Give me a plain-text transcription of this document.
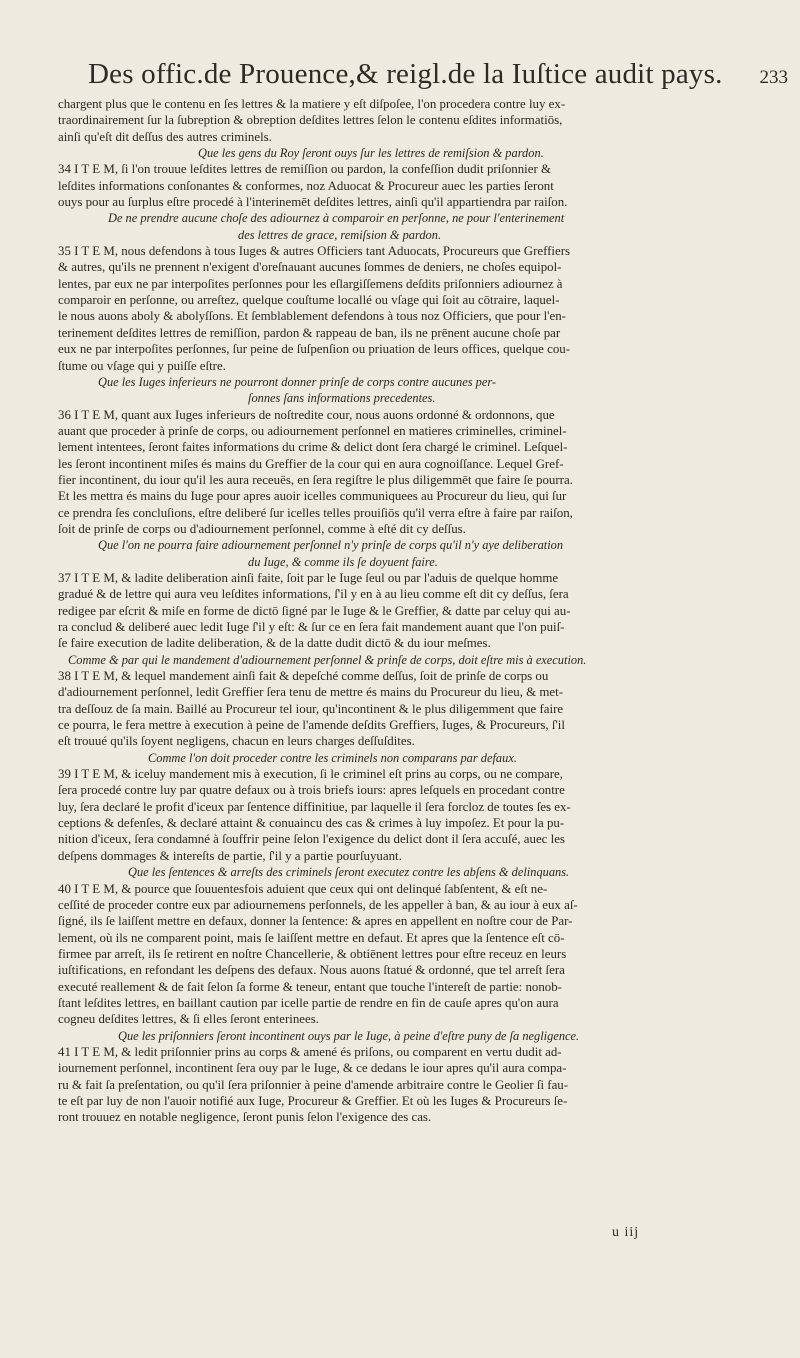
Des offic.de Prouence,& reigl.de la Iuſtice audit pays. 233
chargent plus que le contenu en ſes lettres & la matiere y eſt diſpoſee, l'on procedera contre luy ex-
traordinairement ſur la ſubreption & obreption deſdites lettres ſelon le contenu eſdites informatiōs,
ainſi qu'eſt dit deſſus des autres criminels.
Que les gens du Roy ſeront ouys ſur les lettres de remiſsion & pardon.
34 I T E M, ſi l'on trouue leſdites lettres de remiſſion ou pardon, la confeſſion dudit priſonnier &
leſdites informations conſonantes & conformes, noz Aduocat & Procureur auec les parties ſeront
ouys pour au ſurplus eſtre procedé à l'interinemēt deſdites lettres, ainſi qu'il appartiendra par raiſon.
De ne prendre aucune choſe des adiournez à comparoir en perſonne, ne pour l'enterinement
des lettres de grace, remiſsion & pardon.
35 I T E M, nous defendons à tous Iuges & autres Officiers tant Aduocats, Procureurs que Greffiers
& autres, qu'ils ne prennent n'exigent d'oreſnauant aucunes ſommes de deniers, ne choſes equipol-
lentes, par eux ne par interpoſites perſonnes pour les eſlargiſſemens deſdits priſonniers adiournez à
comparoir en perſonne, ou arreſtez, quelque couſtume locallé ou vſage qui ſoit au cōtraire, laquel-
le nous auons aboly & abolyſſons. Et ſemblablement defendons à tous noz Officiers, que pour l'en-
terinement deſdites lettres de remiſſion, pardon & rappeau de ban, ils ne prēnent aucune choſe par
eux ne par interpoſites perſonnes, ſur peine de ſuſpenſion ou priuation de leurs offices, quelque cou-
ſtume ou vſage qui y puiſſe eſtre.
Que les Iuges inferieurs ne pourront donner prinſe de corps contre aucunes per-
ſonnes ſans informations precedentes.
36 I T E M, quant aux Iuges inferieurs de noſtredite cour, nous auons ordonné & ordonnons, que
auant que proceder à prinſe de corps, ou adiournement perſonnel en matieres criminelles, criminel-
lement intentees, ſeront faites informations du crime & delict dont ſera chargé le criminel. Leſquel-
les ſeront incontinent miſes és mains du Greffier de la cour qui en aura cognoiſſance. Lequel Gref-
fier incontinent, du iour qu'il les aura receuës, en ſera regiſtre le plus diligemmēt que faire ſe pourra.
Et les mettra és mains du Iuge pour apres auoir icelles communiquees au Procureur du lieu, qui ſur
ce prendra ſes concluſions, eſtre deliberé ſur icelles telles prouiſiōs qu'il verra eſtre à faire par raiſon,
ſoit de prinſe de corps ou d'adiournement perſonnel, comme à eſté dit cy deſſus.
Que l'on ne pourra faire adiournement perſonnel n'y prinſe de corps qu'il n'y aye deliberation
du Iuge, & comme ils ſe doyuent faire.
37 I T E M, & ladite deliberation ainſi faite, ſoit par le Iuge ſeul ou par l'aduis de quelque homme
gradué & de lettre qui aura veu leſdites informations, ſ'il y en à au lieu comme eſt dit cy deſſus, ſera
redigee par eſcrit & miſe en forme de dictō ſigné par le Iuge & le Greffier, & datte par celuy qui au-
ra conclud & deliberé auec ledit Iuge ſ'il y eſt: & ſur ce en ſera fait mandement auant que l'on puiſ-
ſe faire execution de ladite deliberation, & de la datte dudit dictō & du iour meſmes.
Comme & par qui le mandement d'adiournement perſonnel & prinſe de corps, doit eſtre mis à execution.
38 I T E M, & lequel mandement ainſi fait & depeſché comme deſſus, ſoit de prinſe de corps ou
d'adiournement perſonnel, ledit Greffier ſera tenu de mettre és mains du Procureur du lieu, & met-
tra deſſouz de ſa main. Baillé au Procureur tel iour, qu'incontinent & le plus diligemment que faire
ce pourra, le fera mettre à execution à peine de l'amende deſdits Greffiers, Iuges, & Procureurs, ſ'il
eſt trouué qu'ils ſoyent negligens, chacun en leurs charges deſſuſdites.
Comme l'on doit proceder contre les criminels non comparans par defaux.
39 I T E M, & iceluy mandement mis à execution, ſi le criminel eſt prins au corps, ou ne compare,
ſera procedé contre luy par quatre defaux ou à trois briefs iours: apres leſquels en procedant contre
luy, ſera declaré le profit d'iceux par ſentence diffinitiue, par laquelle il ſera forcloz de toutes ſes ex-
ceptions & defenſes, & declaré attaint & conuaincu des cas & crimes à luy impoſez. Et pour la pu-
nition d'iceux, ſera condamné à ſouffrir peine ſelon l'exigence du delict dont il ſera accuſé, auec les
deſpens dommages & intereſts de partie, ſ'il y a partie pourſuyuant.
Que les ſentences & arreſts des criminels ſeront executez contre les abſens & delinquans.
40 I T E M, & pource que ſouuentesfois aduient que ceux qui ont delinqué ſabſentent, & eſt ne-
ceſſité de proceder contre eux par adiournemens perſonnels, de les appeller à ban, & au iour à eux aſ-
ſigné, ils ſe laiſſent mettre en defaux, donner la ſentence: & apres en appellent en noſtre cour de Par-
lement, où ils ne comparent point, mais ſe laiſſent mettre en defaut. Et apres que la ſentence eſt cō-
firmee par arreſt, ils ſe retirent en noſtre Chancellerie, & obtiēnent lettres pour eſtre receuz en leurs
iuſtifications, en refondant les deſpens des defaux. Nous auons ſtatué & ordonné, que tel arreſt ſera
executé reallement & de fait ſelon ſa forme & teneur, entant que touche l'intereſt de partie: nonob-
ſtant leſdites lettres, en baillant caution par icelle partie de rendre en fin de cauſe apres qu'on aura
cogneu deſdites lettres, & ſi elles ſeront enterinees.
Que les priſonniers ſeront incontinent ouys par le Iuge, à peine d'eſtre puny de ſa negligence.
41 I T E M, & ledit priſonnier prins au corps & amené és priſons, ou comparent en vertu dudit ad-
iournement perſonnel, incontinent ſera ouy par le Iuge, & ce dedans le iour apres qu'il aura compa-
ru & fait ſa preſentation, ou qu'il ſera priſonnier à peine d'amende arbitraire contre le Geolier ſi fau-
te eſt par luy de non l'auoir notifié aux Iuge, Procureur & Greffier. Et où les Iuges & Procureurs ſe-
ront trouuez en notable negligence, ſeront punis ſelon l'exigence des cas.
u iij
